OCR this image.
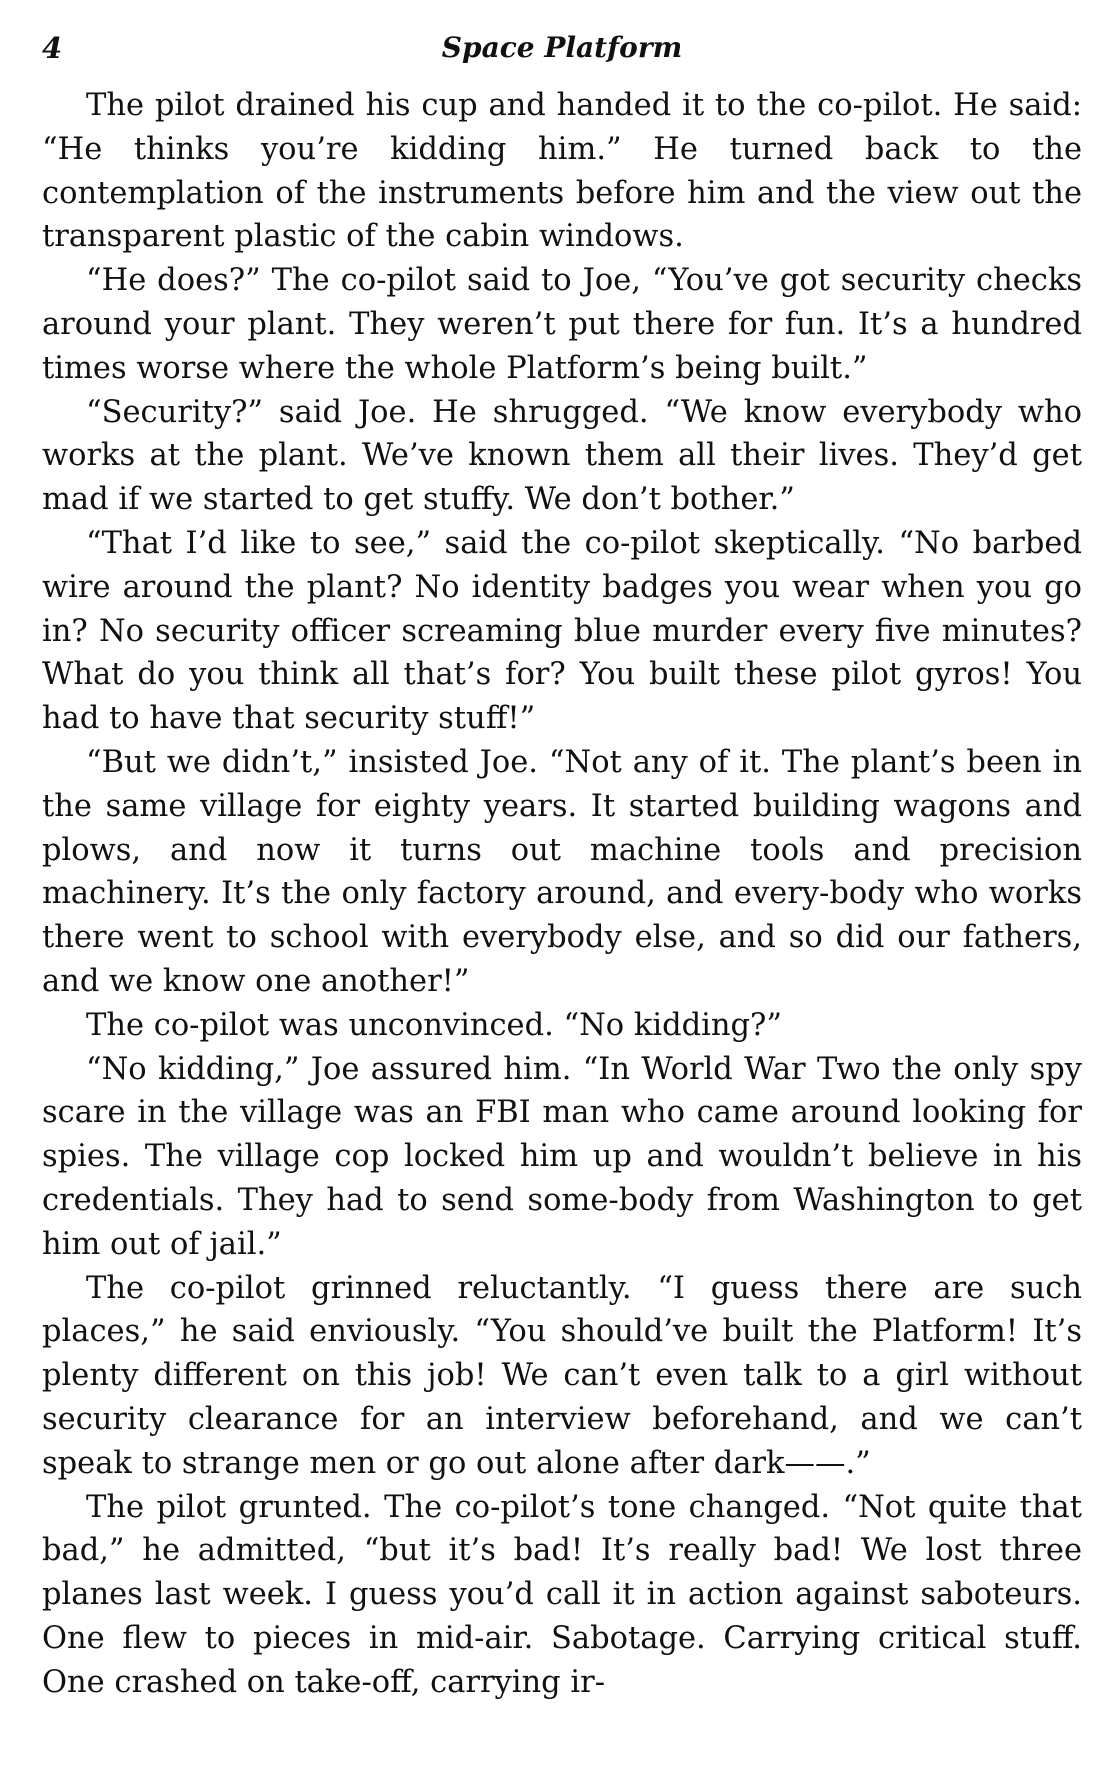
4	Space Platform

The pilot drained his cup and handed it to the co-pilot. He said: “He thinks you’re kidding him.” He turned back to the contemplation of the instruments before him and the view out the transparent plastic of the cabin windows.

“He does?” The co-pilot said to Joe, “You’ve got security checks around your plant. They weren’t put there for fun. It’s a hundred times worse where the whole Platform’s being built.”

“Security?” said Joe. He shrugged. “We know everybody who works at the plant. We’ve known them all their lives. They’d get mad if we started to get stuffy. We don’t bother.”

“That I’d like to see,” said the co-pilot skeptically. “No barbed wire around the plant? No identity badges you wear when you go in? No security officer screaming blue murder every five minutes? What do you think all that’s for? You built these pilot gyros! You had to have that security stuff!”

“But we didn’t,” insisted Joe. “Not any of it. The plant’s been in the same village for eighty years. It started building wagons and plows, and now it turns out machine tools and precision machinery. It’s the only factory around, and every-body who works there went to school with everybody else, and so did our fathers, and we know one another!”

The co-pilot was unconvinced. “No kidding?”

“No kidding,” Joe assured him. “In World War Two the only spy scare in the village was an FBI man who came around looking for spies. The village cop locked him up and wouldn’t believe in his credentials. They had to send some-body from Washington to get him out of jail.”

The co-pilot grinned reluctantly. “I guess there are such places,” he said enviously. “You should’ve built the Platform! It’s plenty different on this job! We can’t even talk to a girl without security clearance for an interview beforehand, and we can’t speak to strange men or go out alone after dark——.”

The pilot grunted. The co-pilot’s tone changed. “Not quite that bad,” he admitted, “but it’s bad! It’s really bad! We lost three planes last week. I guess you’d call it in action against saboteurs. One flew to pieces in mid-air. Sabotage. Carrying critical stuff. One crashed on take-off, carrying ir-
